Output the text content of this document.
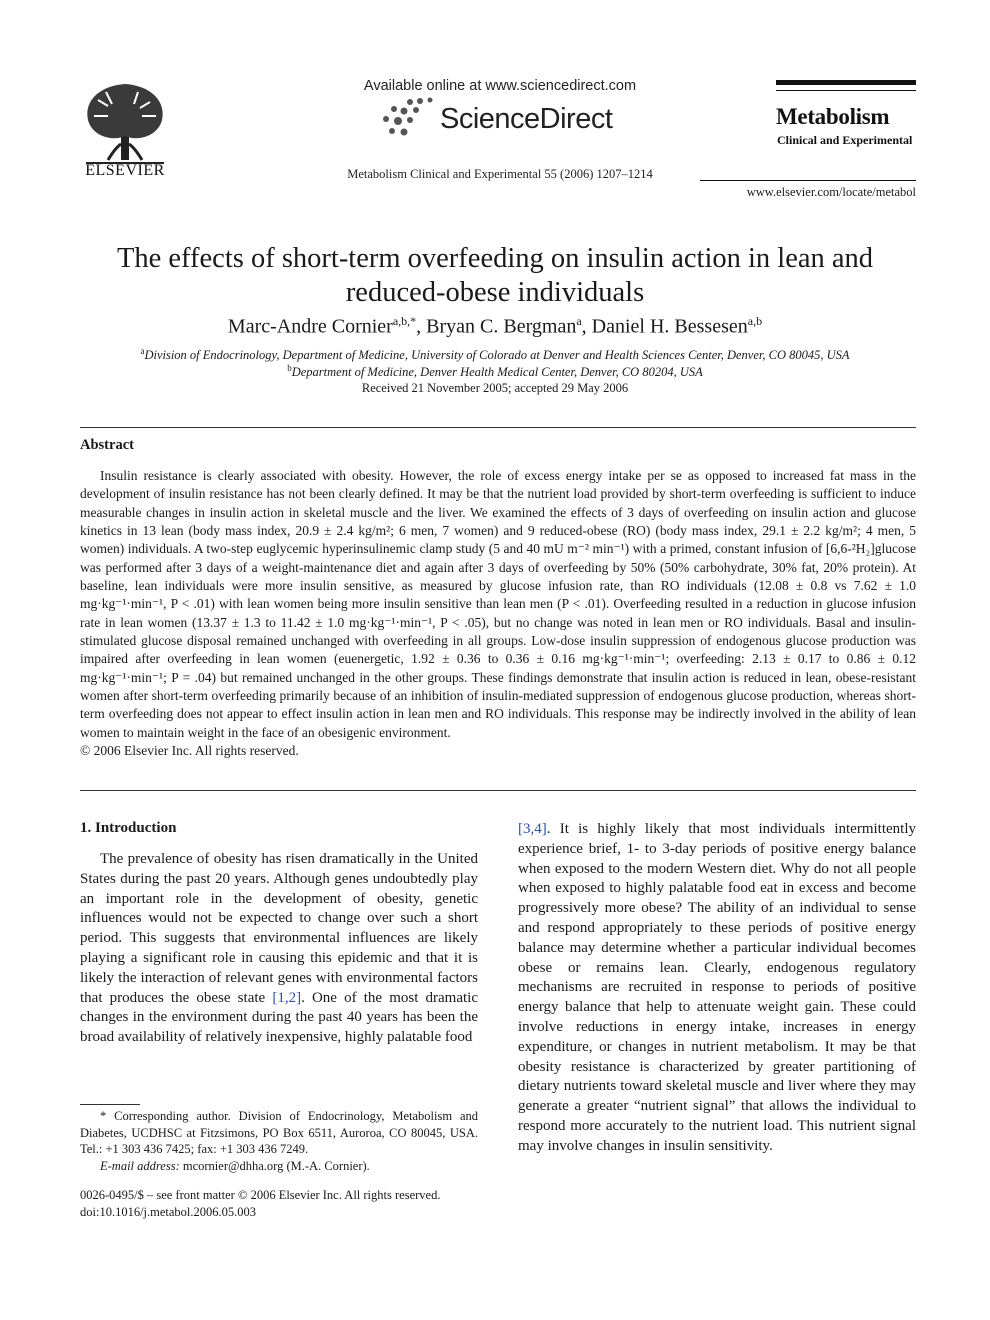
ELSEVIER
Available online at www.sciencedirect.com
ScienceDirect
Metabolism Clinical and Experimental 55 (2006) 1207–1214
Metabolism
Clinical and Experimental
www.elsevier.com/locate/metabol
The effects of short-term overfeeding on insulin action in lean and
reduced-obese individuals
Marc-Andre Cornier$^{a,b,*}$, Bryan C. Bergman$^a$, Daniel H. Bessesen$^{a,b}$
$^a$Division of Endocrinology, Department of Medicine, University of Colorado at Denver and Health Sciences Center, Denver, CO 80045, USA
$^b$Department of Medicine, Denver Health Medical Center, Denver, CO 80204, USA
Received 21 November 2005; accepted 29 May 2006
Abstract

Insulin resistance is clearly associated with obesity. However, the role of excess energy intake per se as opposed to increased fat mass in the development of insulin resistance has not been clearly defined. It may be that the nutrient load provided by short-term overfeeding is sufficient to induce measurable changes in insulin action in skeletal muscle and the liver. We examined the effects of 3 days of overfeeding on insulin action and glucose kinetics in 13 lean (body mass index, 20.9 ± 2.4 kg/m²; 6 men, 7 women) and 9 reduced-obese (RO) (body mass index, 29.1 ± 2.2 kg/m²; 4 men, 5 women) individuals. A two-step euglycemic hyperinsulinemic clamp study (5 and 40 mU m⁻² min⁻¹) with a primed, constant infusion of [6,6-²H₂]glucose was performed after 3 days of a weight-maintenance diet and again after 3 days of overfeeding by 50% (50% carbohydrate, 30% fat, 20% protein). At baseline, lean individuals were more insulin sensitive, as measured by glucose infusion rate, than RO individuals (12.08 ± 0.8 vs 7.62 ± 1.0 mg·kg⁻¹·min⁻¹, P < .01) with lean women being more insulin sensitive than lean men (P < .01). Overfeeding resulted in a reduction in glucose infusion rate in lean women (13.37 ± 1.3 to 11.42 ± 1.0 mg·kg⁻¹·min⁻¹, P < .05), but no change was noted in lean men or RO individuals. Basal and insulin-stimulated glucose disposal remained unchanged with overfeeding in all groups. Low-dose insulin suppression of endogenous glucose production was impaired after overfeeding in lean women (euenergetic, 1.92 ± 0.36 to 0.36 ± 0.16 mg·kg⁻¹·min⁻¹; overfeeding: 2.13 ± 0.17 to 0.86 ± 0.12 mg·kg⁻¹·min⁻¹; P = .04) but remained unchanged in the other groups. These findings demonstrate that insulin action is reduced in lean, obese-resistant women after short-term overfeeding primarily because of an inhibition of insulin-mediated suppression of endogenous glucose production, whereas short-term overfeeding does not appear to effect insulin action in lean men and RO individuals. This response may be indirectly involved in the ability of lean women to maintain weight in the face of an obesigenic environment.

© 2006 Elsevier Inc. All rights reserved.
1. Introduction

The prevalence of obesity has risen dramatically in the United States during the past 20 years. Although genes undoubtedly play an important role in the development of obesity, genetic influences would not be expected to change over such a short period. This suggests that environmental influences are likely playing a significant role in causing this epidemic and that it is likely the interaction of relevant genes with environmental factors that produces the obese state [1,2]. One of the most dramatic changes in the environment during the past 40 years has been the broad availability of relatively inexpensive, highly palatable food

[3,4]. It is highly likely that most individuals intermittently experience brief, 1- to 3-day periods of positive energy balance when exposed to the modern Western diet. Why do not all people when exposed to highly palatable food eat in excess and become progressively more obese? The ability of an individual to sense and respond appropriately to these periods of positive energy balance may determine whether a particular individual becomes obese or remains lean. Clearly, endogenous regulatory mechanisms are recruited in response to periods of positive energy balance that help to attenuate weight gain. These could involve reductions in energy intake, increases in energy expenditure, or changes in nutrient metabolism. It may be that obesity resistance is characterized by greater partitioning of dietary nutrients toward skeletal muscle and liver where they may generate a greater “nutrient signal” that allows the individual to respond more accurately to the nutrient load. This nutrient signal may involve changes in insulin sensitivity.

* Corresponding author. Division of Endocrinology, Metabolism and Diabetes, UCDHSC at Fitzsimons, PO Box 6511, Auroroa, CO 80045, USA. Tel.: +1 303 436 7425; fax: +1 303 436 7249.

E-mail address: mcornier@dhha.org (M.-A. Cornier).

0026-0495/$ – see front matter © 2006 Elsevier Inc. All rights reserved.
doi:10.1016/j.metabol.2006.05.003
